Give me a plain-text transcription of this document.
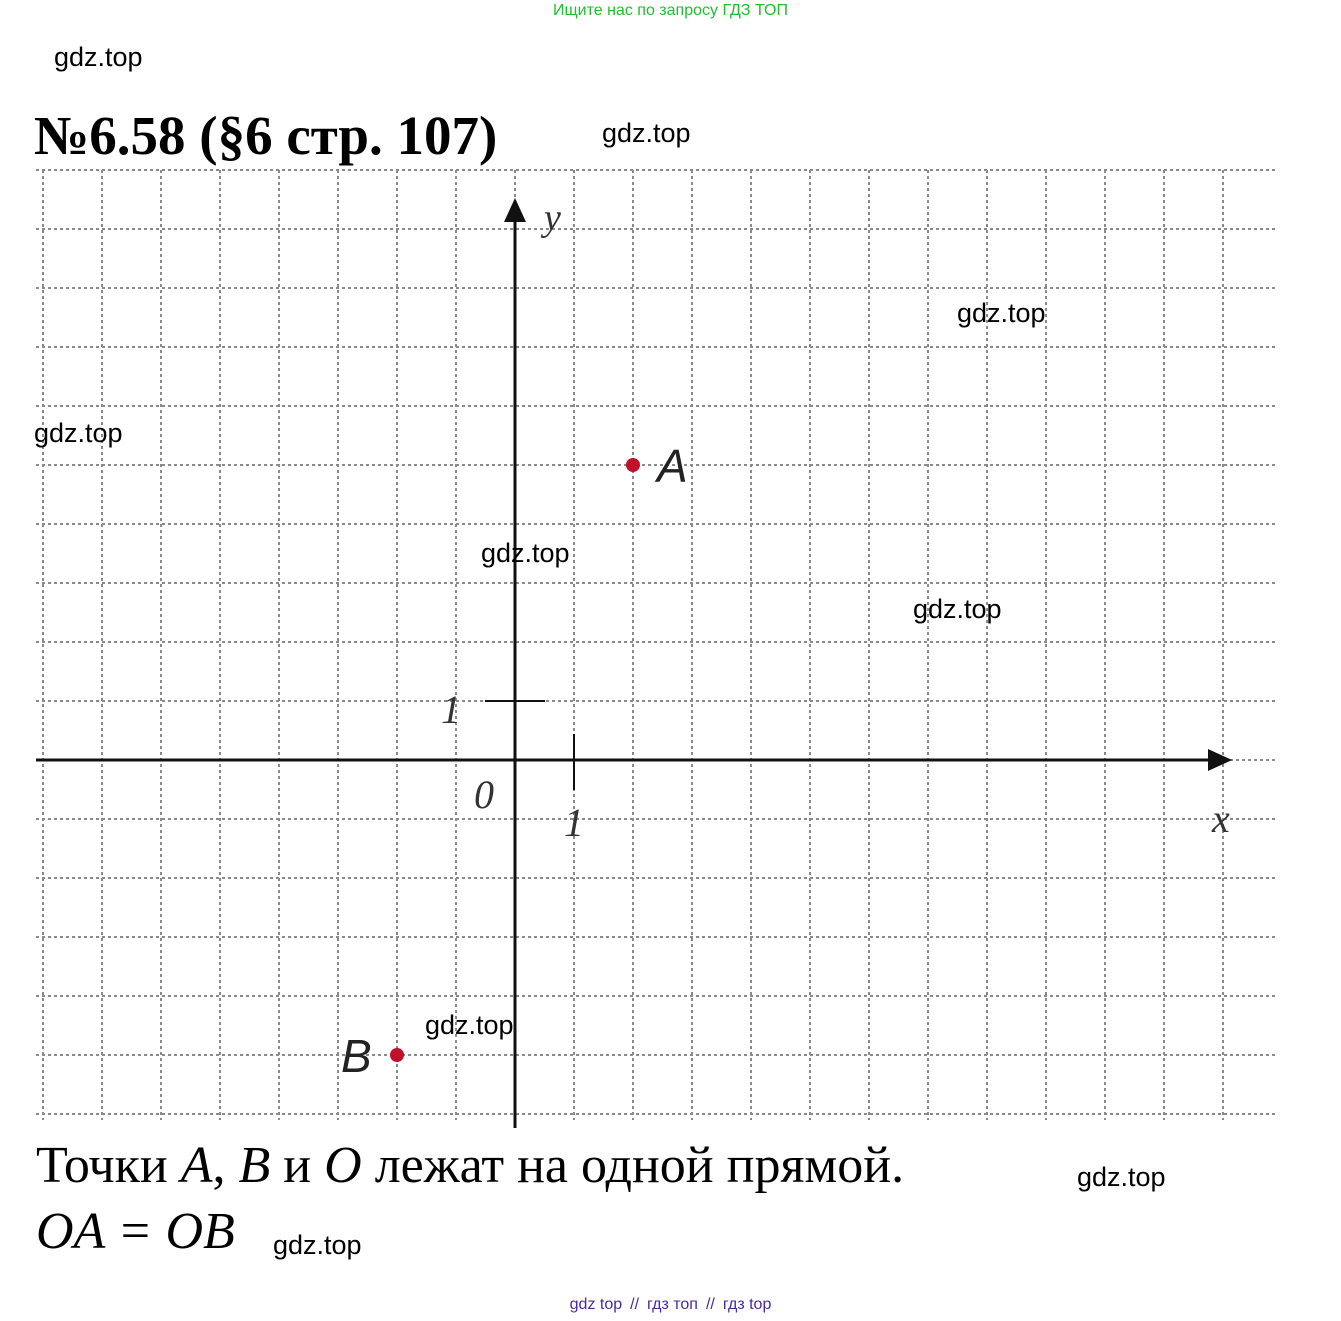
Ищите нас по запросу ГДЗ ТОП
№6.58 (§6 стр. 107)
A
B
x
y
0
1
1
gdz.top
gdz.top
gdz.top
gdz.top
gdz.top
gdz.top
gdz.top
gdz.top
gdz.top
Точки A, B и O лежат на одной прямой.
OA = OB
gdz top // гдз топ // гдз top
